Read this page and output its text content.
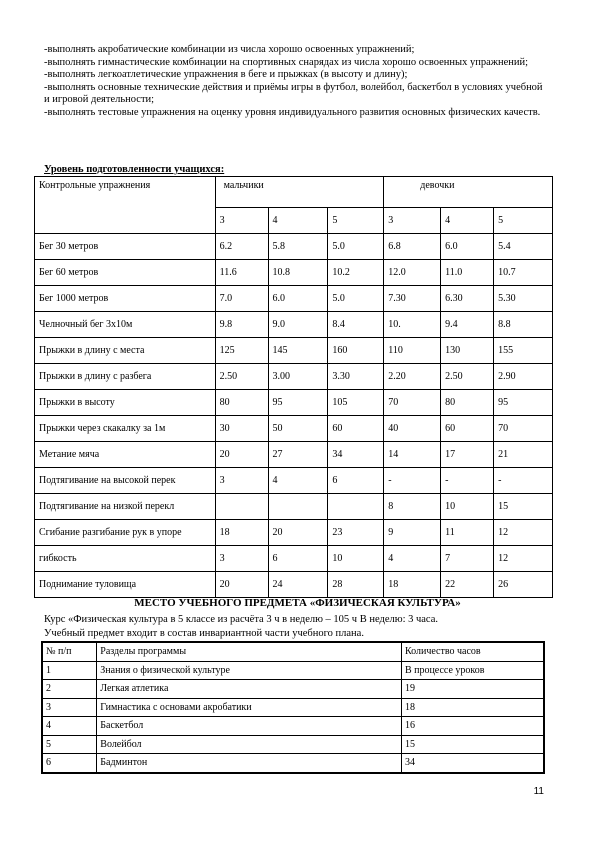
-выполнять акробатические комбинации из числа хорошо освоенных упражнений;

-выполнять гимнастические комбинации на спортивных снарядах из числа хорошо освоенных упражнений;

-выполнять легкоатлетические упражнения в беге и прыжках (в высоту и длину);

-выполнять основные технические действия и приёмы игры в футбол, волейбол, баскетбол в условиях учебной и игровой деятельности;

-выполнять тестовые упражнения на оценку уровня индивидуального развития основных физических качеств.

Уровень подготовленности учащихся:
Контрольные упражнения	мальчики			девочки		
	3	4	5	3	4	5
Бег 30 метров	6.2	5.8	5.0	6.8	6.0	5.4
Бег 60 метров	11.6	10.8	10.2	12.0	11.0	10.7
Бег 1000 метров	7.0	6.0	5.0	7.30	6.30	5.30
Челночный бег 3х10м	9.8	9.0	8.4	10.	9.4	8.8
Прыжки в длину с места	125	145	160	110	130	155
Прыжки в длину с разбега	2.50	3.00	3.30	2.20	2.50	2.90
Прыжки в высоту	80	95	105	70	80	95
Прыжки через скакалку за 1м	30	50	60	40	60	70
Метание мяча	20	27	34	14	17	21
Подтягивание на высокой перек	3	4	6	-	-	-
Подтягивание на низкой перекл				8	10	15
Сгибание разгибание рук в упоре	18	20	23	9	11	12
гибкость	3	6	10	4	7	12
Поднимание туловища	20	24	28	18	22	26
МЕСТО УЧЕБНОГО ПРЕДМЕТА «ФИЗИЧЕСКАЯ КУЛЬТУРА»

Курс «Физическая культура в 5 классе из расчёта 3 ч в неделю – 105 ч В неделю: 3 часа.

Учебный предмет входит в состав инвариантной части учебного плана.

№ п/п	Разделы программы	Количество часов
1	Знания о физической культуре	В процессе уроков
2	Легкая атлетика	19
3	Гимнастика с основами акробатики	18
4	Баскетбол	16
5	Волейбол	15
6	Бадминтон	34
11
